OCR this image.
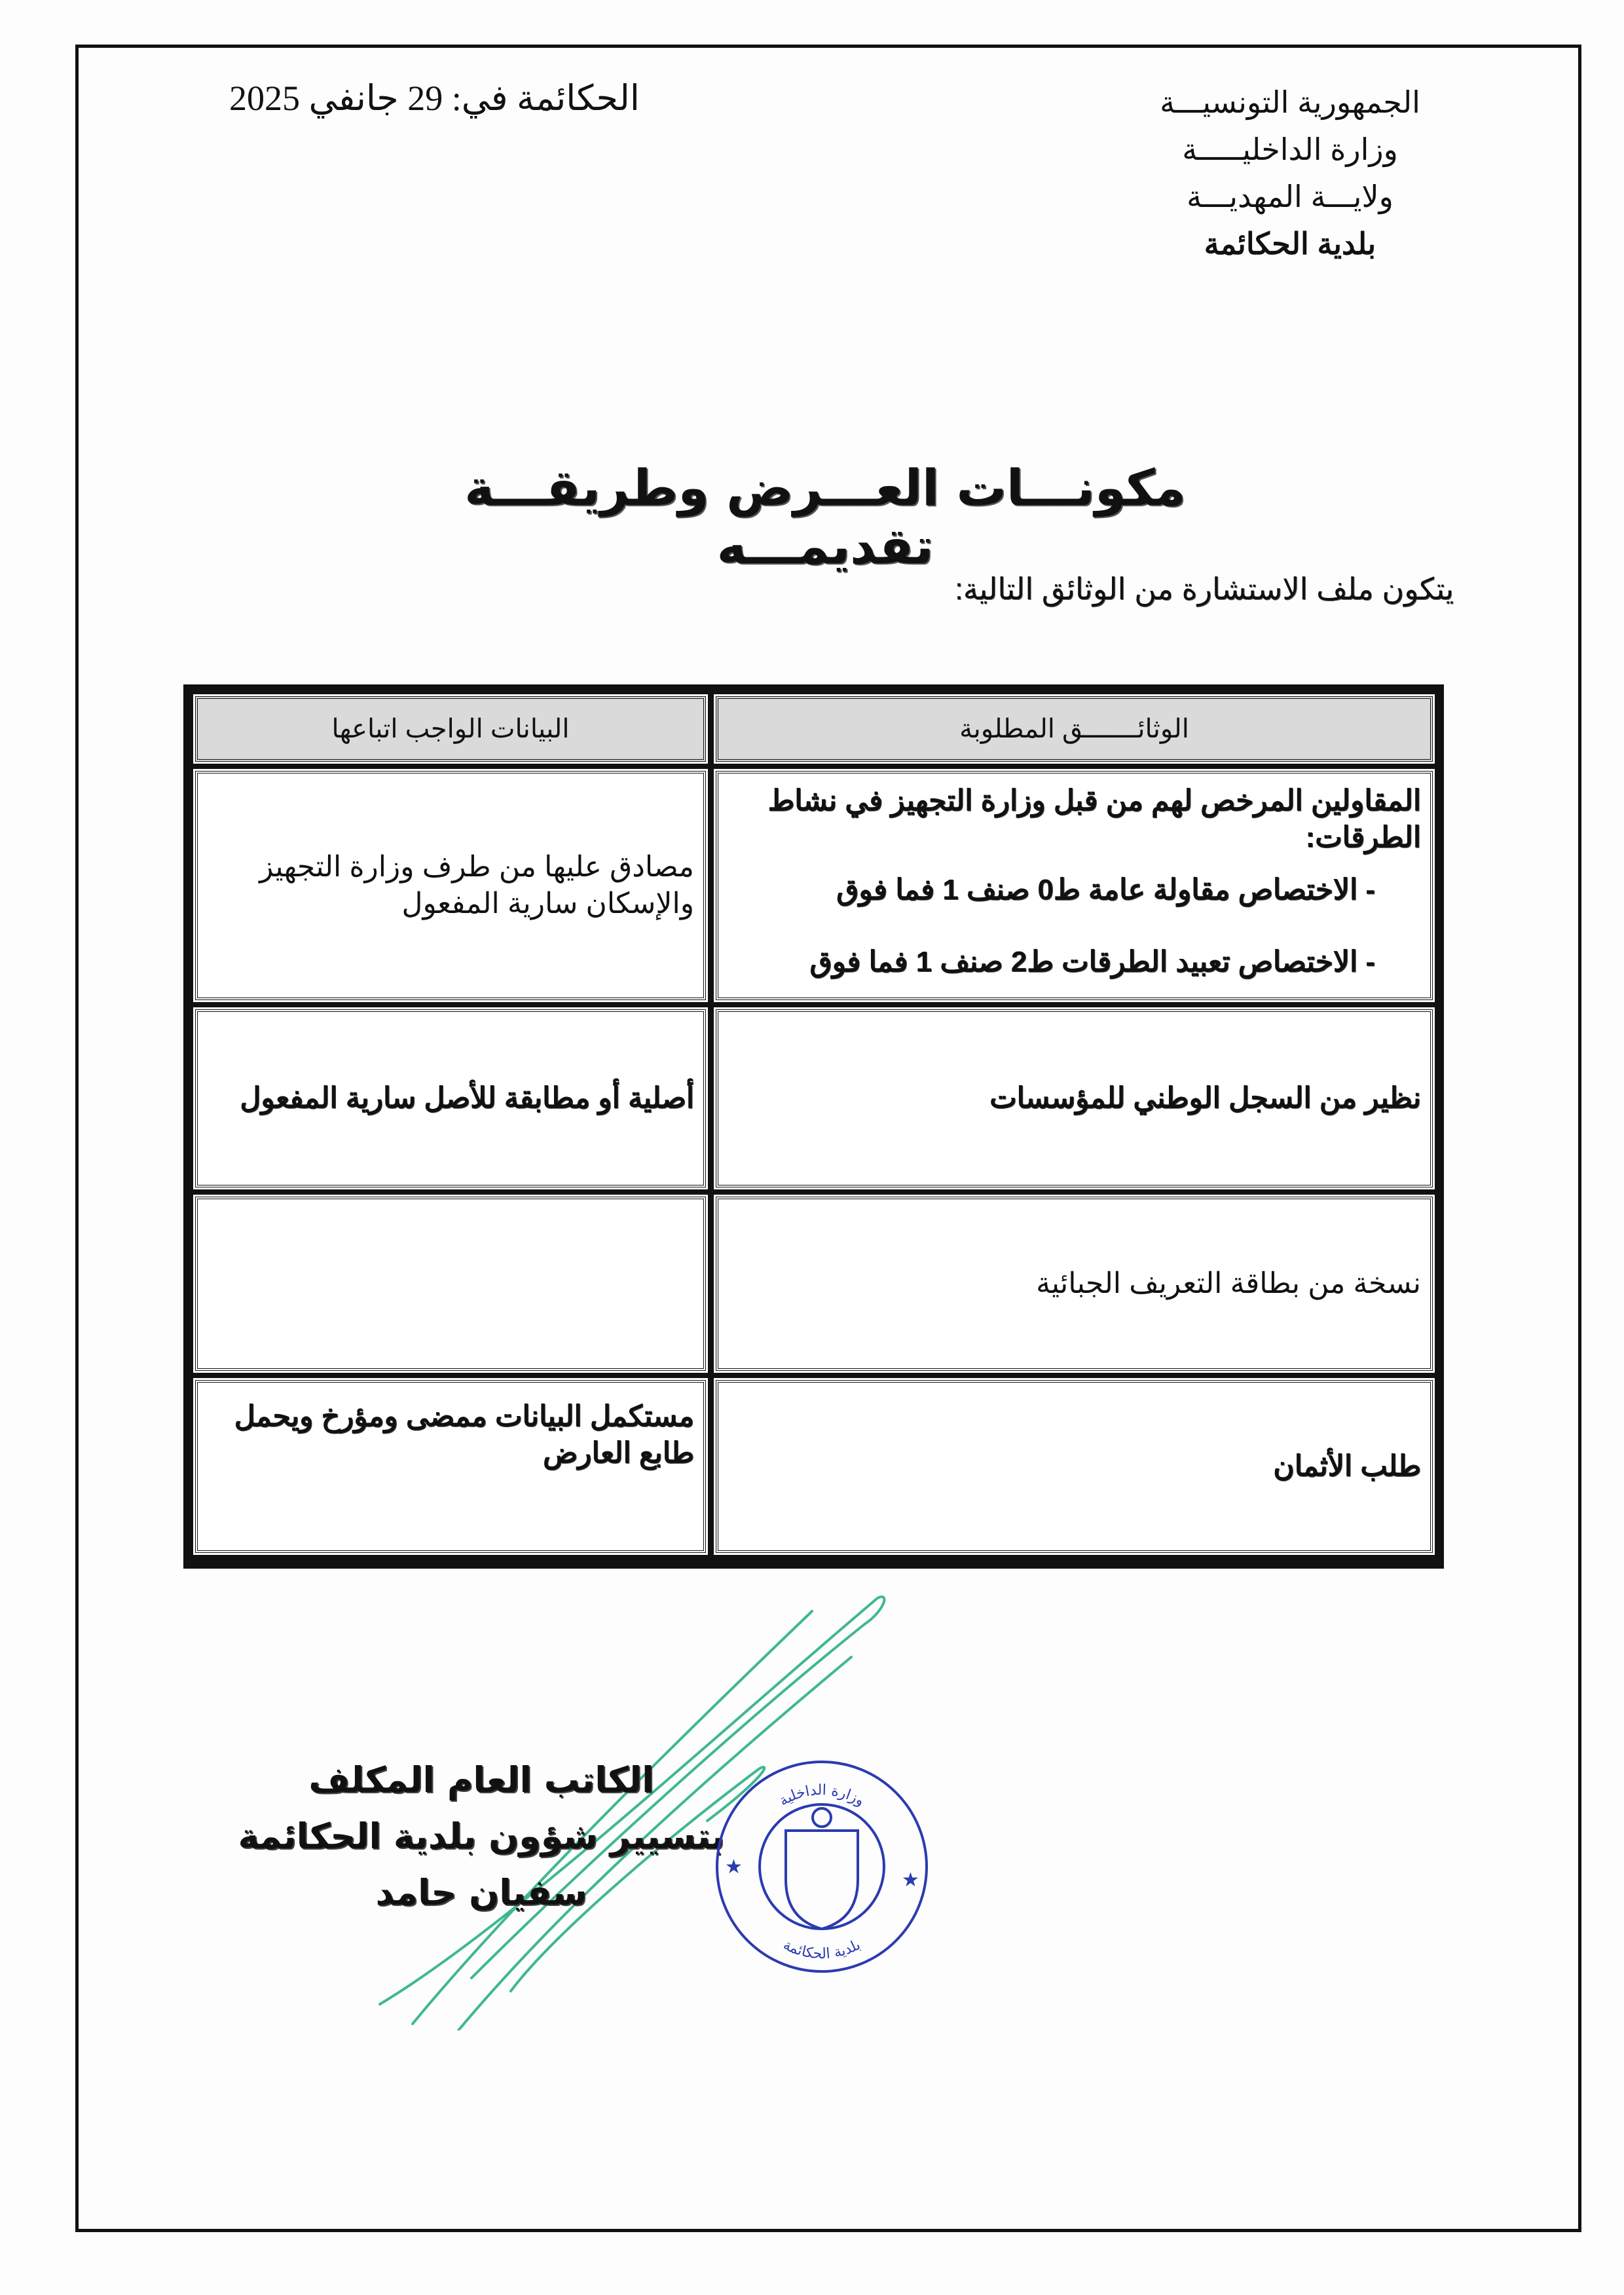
الجمهورية التونسيـــة
وزارة الداخليـــــة
ولايـــة المهديـــة
بلدية الحكائمة
الحكائمة في: 29 جانفي 2025
مكونـــات العـــرض وطريقـــة تقديمـــه
يتكون ملف الاستشارة من الوثائق التالية:
الوثائـــــــق المطلوبة
البيانات الواجب اتباعها
المقاولين المرخص لهم من قبل وزارة التجهيز في نشاط الطرقات:
- الاختصاص مقاولة عامة ط0 صنف 1 فما فوق
- الاختصاص تعبيد الطرقات ط2 صنف 1 فما فوق
مصادق عليها من طرف وزارة التجهيز والإسكان سارية المفعول
نظير من السجل الوطني للمؤسسات
أصلية أو مطابقة للأصل سارية المفعول
نسخة من بطاقة التعريف الجبائية
طلب الأثمان
مستكمل البيانات ممضى ومؤرخ ويحمل طابع العارض
الكاتب العام المكلف
بتسيير شؤون بلدية الحكائمة
سفيان حامد
وزارة الداخلية
بلدية الحكائمة
★
★
